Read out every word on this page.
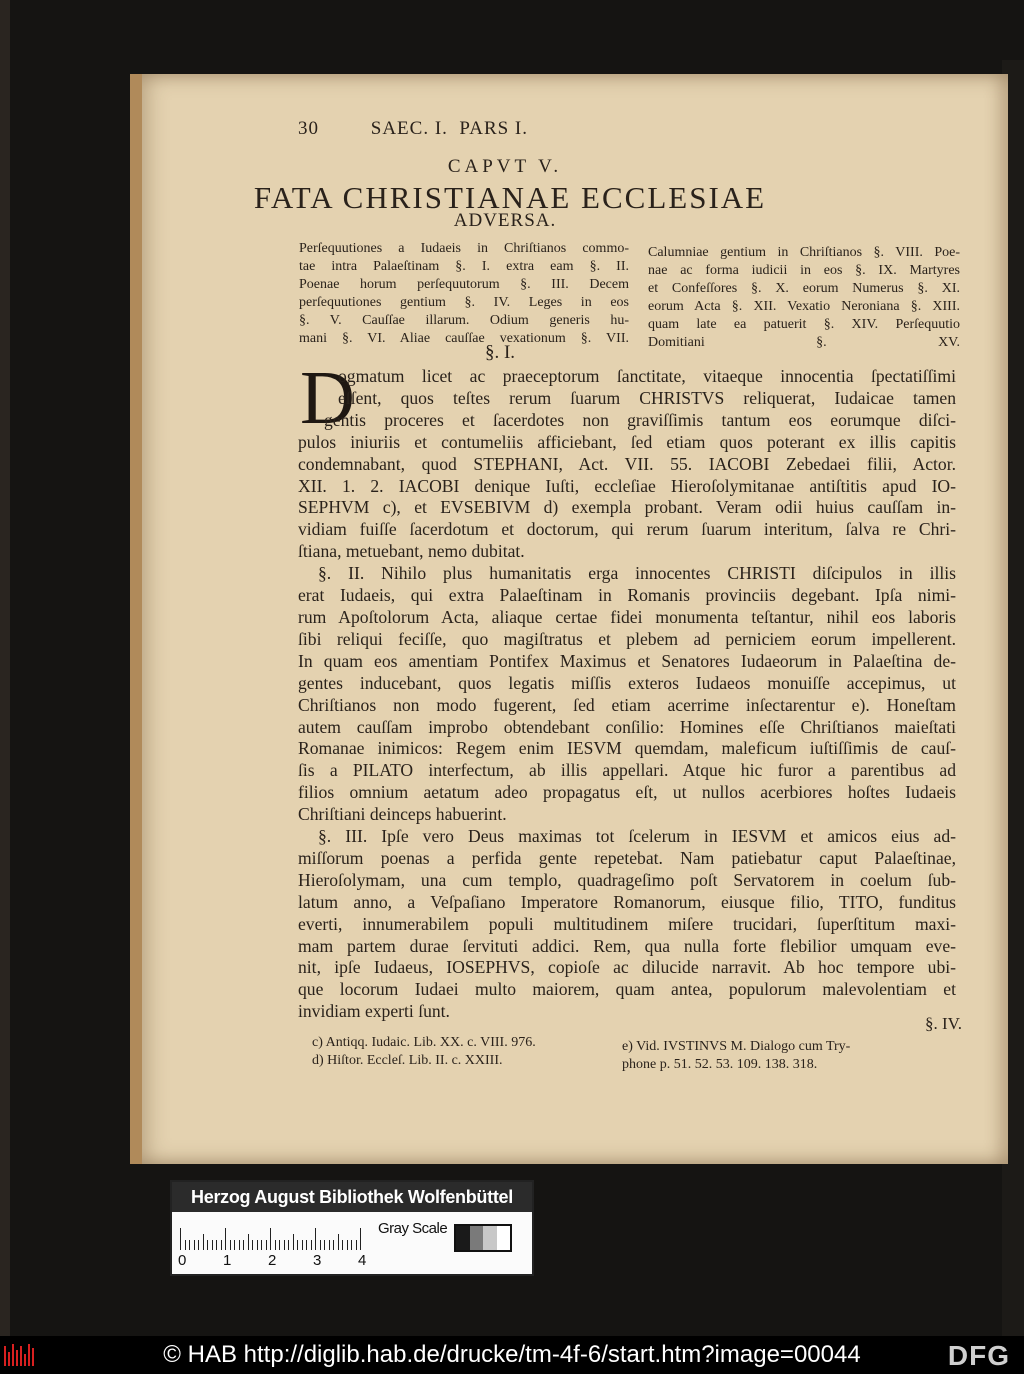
30         SAEC. I.  PARS I.
CAPVT V.
FATA CHRISTIANAE ECCLESIAE
ADVERSA.
Perſequutiones a Iudaeis in Chriſtianos commo-
tae intra Palaeſtinam §. I. extra eam §. II.
Poenae horum perſequutorum §. III. Decem
perſequutiones gentium §. IV. Leges in eos
§. V. Cauſſae illarum. Odium generis hu-
mani §. VI. Aliae cauſſae vexationum §. VII.
Calumniae gentium in Chriſtianos §. VIII. Poe-
nae ac forma iudicii in eos §. IX. Martyres
et Confeſſores §. X. eorum Numerus §. XI.
eorum Acta §. XII. Vexatio Neroniana §. XIII.
quam late ea patuerit §. XIV. Perſequutio
Domitiani §. XV.
§. I.
D
ogmatum licet ac praeceptorum ſanctitate, vitaeque innocentia ſpectatiſſimi
eſſent, quos teſtes rerum ſuarum CHRISTVS reliquerat, Iudaicae tamen
gentis proceres et ſacerdotes non graviſſimis tantum eos eorumque diſci-
pulos iniuriis et contumeliis afficiebant, ſed etiam quos poterant ex illis capitis
condemnabant, quod STEPHANI, Act. VII. 55. IACOBI Zebedaei filii, Actor.
XII. 1. 2. IACOBI denique Iuſti, eccleſiae Hieroſolymitanae antiſtitis apud IO-
SEPHVM c), et EVSEBIVM d) exempla probant. Veram odii huius cauſſam in-
vidiam fuiſſe ſacerdotum et doctorum, qui rerum ſuarum interitum, ſalva re Chri-
ſtiana, metuebant, nemo dubitat.
§. II. Nihilo plus humanitatis erga innocentes CHRISTI diſcipulos in illis
erat Iudaeis, qui extra Palaeſtinam in Romanis provinciis degebant. Ipſa nimi-
rum Apoſtolorum Acta, aliaque certae fidei monumenta teſtantur, nihil eos laboris
ſibi reliqui feciſſe, quo magiſtratus et plebem ad perniciem eorum impellerent.
In quam eos amentiam Pontifex Maximus et Senatores Iudaeorum in Palaeſtina de-
gentes inducebant, quos legatis miſſis exteros Iudaeos monuiſſe accepimus, ut
Chriſtianos non modo fugerent, ſed etiam acerrime inſectarentur e). Honeſtam
autem cauſſam improbo obtendebant conſilio: Homines eſſe Chriſtianos maieſtati
Romanae inimicos: Regem enim IESVM quemdam, maleficum iuſtiſſimis de cauſ-
ſis a PILATO interfectum, ab illis appellari. Atque hic furor a parentibus ad
filios omnium aetatum adeo propagatus eſt, ut nullos acerbiores hoſtes Iudaeis
Chriſtiani deinceps habuerint.
§. III. Ipſe vero Deus maximas tot ſcelerum in IESVM et amicos eius ad-
miſſorum poenas a perfida gente repetebat. Nam patiebatur caput Palaeſtinae,
Hieroſolymam, una cum templo, quadrageſimo poſt Servatorem in coelum ſub-
latum anno, a Veſpaſiano Imperatore Romanorum, eiusque filio, TITO, funditus
everti, innumerabilem populi multitudinem miſere trucidari, ſuperſtitum maxi-
mam partem durae ſervituti addici. Rem, qua nulla forte flebilior umquam eve-
nit, ipſe Iudaeus, IOSEPHVS, copioſe ac dilucide narravit. Ab hoc tempore ubi-
que locorum Iudaei multo maiorem, quam antea, populorum malevolentiam et
invidiam experti ſunt.
§. IV.
c) Antiqq. Iudaic. Lib. XX. c. VIII. 976.
d) Hiſtor. Eccleſ. Lib. II. c. XXIII.
e) Vid. IVSTINVS M. Dialogo cum Try-
phone p. 51. 52. 53. 109. 138. 318.
Herzog August Bibliothek Wolfenbüttel
0 1 2 3 4
Gray Scale
© HAB http://diglib.hab.de/drucke/tm-4f-6/start.htm?image=00044	DFG
